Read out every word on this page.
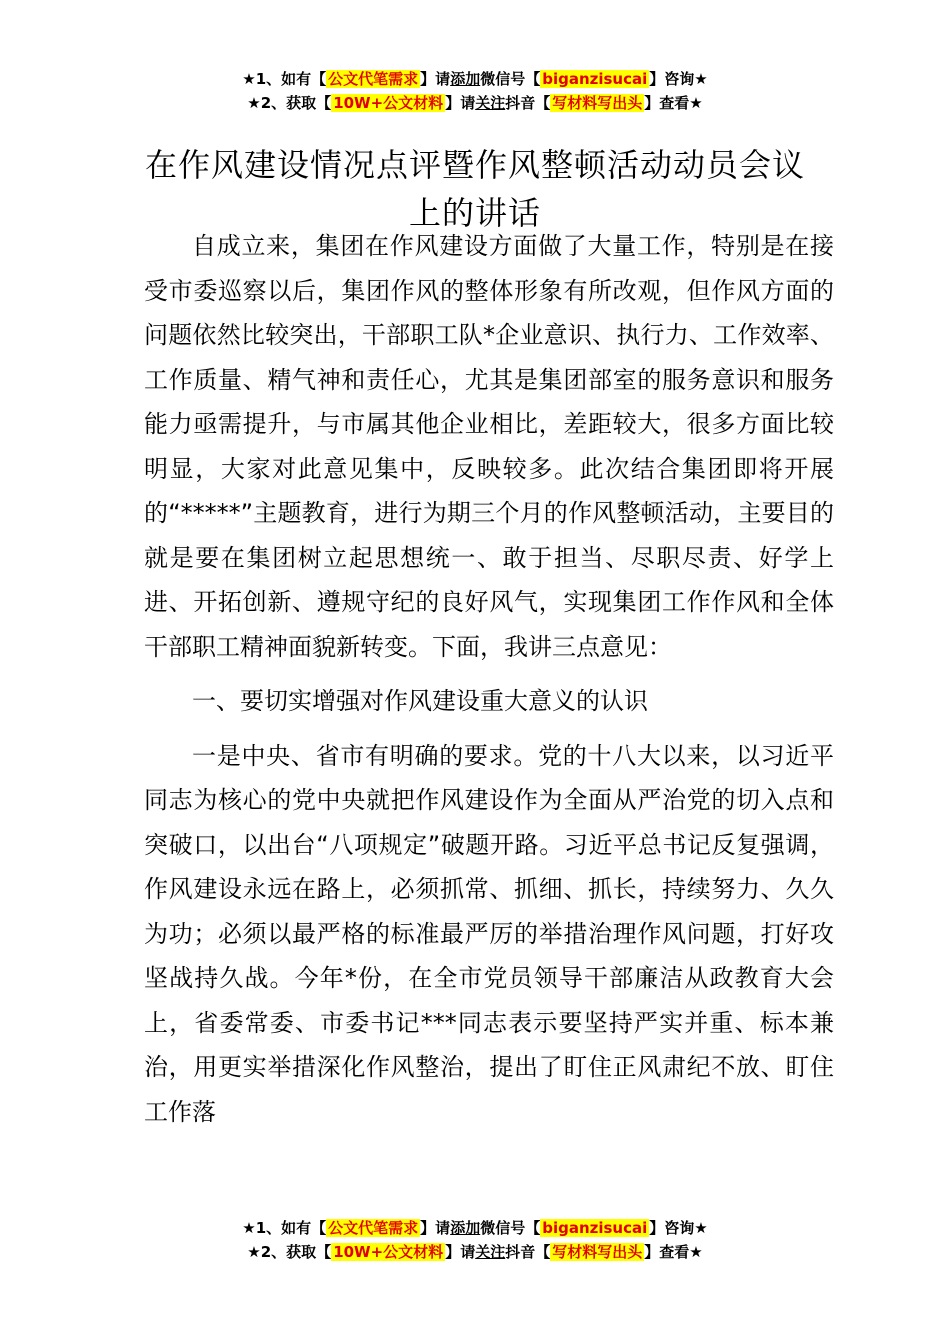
★1、如有【 公文代笔需求 】请添加微信号【 biganzisucai 】咨询★
★2、获取【 10W+公文材料 】请关注抖音【 写材料写出头 】查看★
在作风建设情况点评暨作风整顿活动动员会议上的讲话

自成立来，集团在作风建设方面做了大量工作，特别是在接受市委巡察以后，集团作风的整体形象有所改观，但作风方面的问题依然比较突出，干部职工队*企业意识、执行力、工作效率、工作质量、精气神和责任心，尤其是集团部室的服务意识和服务能力亟需提升，与市属其他企业相比，差距较大，很多方面比较明显，大家对此意见集中，反映较多。此次结合集团即将开展的“*****”主题教育，进行为期三个月的作风整顿活动，主要目的就是要在集团树立起思想统一、敢于担当、尽职尽责、好学上进、开拓创新、遵规守纪的良好风气，实现集团工作作风和全体干部职工精神面貌新转变。下面，我讲三点意见：

一、要切实增强对作风建设重大意义的认识

一是中央、省市有明确的要求。党的十八大以来，以习近平同志为核心的党中央就把作风建设作为全面从严治党的切入点和突破口，以出台“八项规定”破题开路。习近平总书记反复强调，作风建设永远在路上，必须抓常、抓细、抓长，持续努力、久久为功；必须以最严格的标准最严厉的举措治理作风问题，打好攻坚战持久战。今年*份，在全市党员领导干部廉洁从政教育大会上，省委常委、市委书记***同志表示要坚持严实并重、标本兼治，用更实举措深化作风整治，提出了盯住正风肃纪不放、盯住工作落

★1、如有【 公文代笔需求 】请添加微信号【 biganzisucai 】咨询★
★2、获取【 10W+公文材料 】请关注抖音【 写材料写出头 】查看★
